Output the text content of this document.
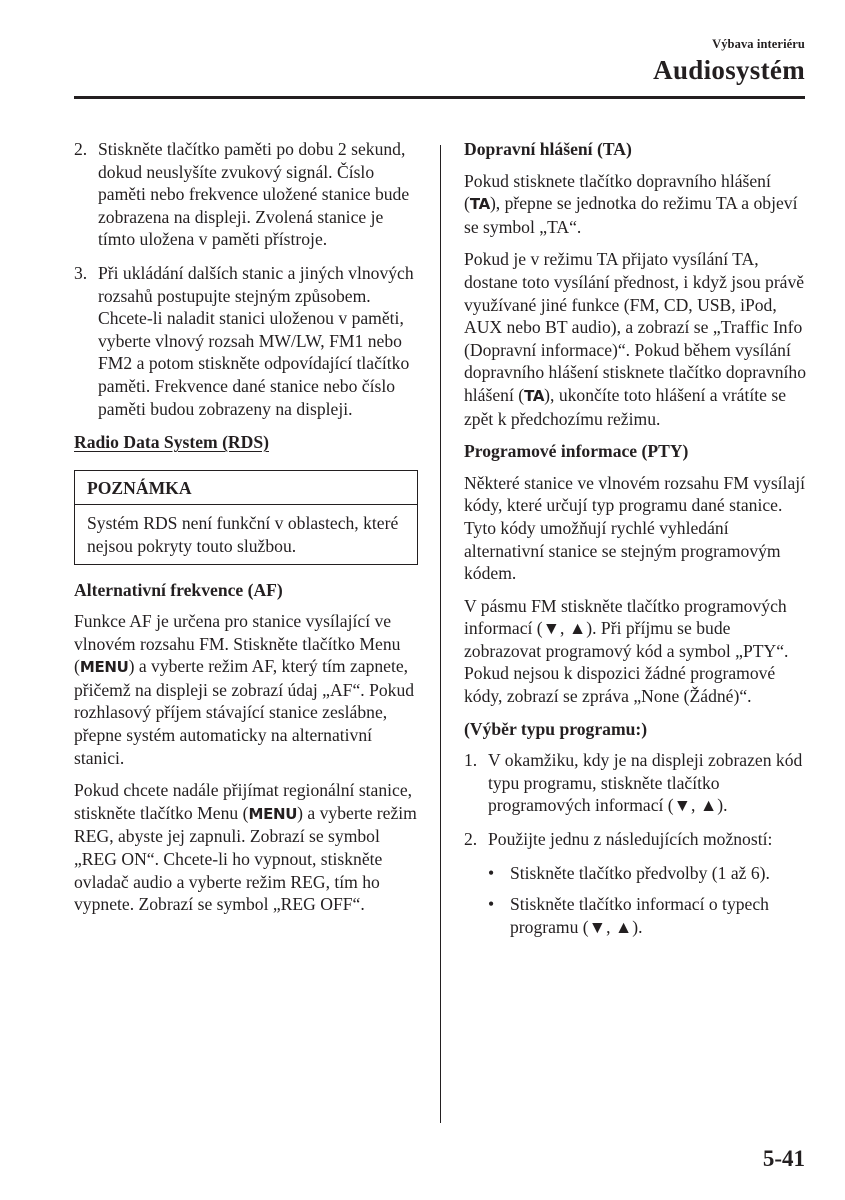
Výbava interiéru
Audiosystém
2. Stiskněte tlačítko paměti po dobu 2 sekund, dokud neuslyšíte zvukový signál. Číslo paměti nebo frekvence uložené stanice bude zobrazena na displeji. Zvolená stanice je tímto uložena v paměti přístroje.
3. Při ukládání dalších stanic a jiných vlnových rozsahů postupujte stejným způsobem. Chcete-li naladit stanici uloženou v paměti, vyberte vlnový rozsah MW/LW, FM1 nebo FM2 a potom stiskněte odpovídající tlačítko paměti. Frekvence dané stanice nebo číslo paměti budou zobrazeny na displeji.
Radio Data System (RDS)
POZNÁMKA
Systém RDS není funkční v oblastech, které nejsou pokryty touto službou.
Alternativní frekvence (AF)

Funkce AF je určena pro stanice vysílající ve vlnovém rozsahu FM. Stiskněte tlačítko Menu (MENU) a vyberte režim AF, který tím zapnete, přičemž na displeji se zobrazí údaj „AF“. Pokud rozhlasový příjem stávající stanice zeslábne, přepne systém automaticky na alternativní stanici.

Pokud chcete nadále přijímat regionální stanice, stiskněte tlačítko Menu (MENU) a vyberte režim REG, abyste jej zapnuli. Zobrazí se symbol „REG ON“. Chcete-li ho vypnout, stiskněte ovladač audio a vyberte režim REG, tím ho vypnete. Zobrazí se symbol „REG OFF“.

Dopravní hlášení (TA)

Pokud stisknete tlačítko dopravního hlášení (TA), přepne se jednotka do režimu TA a objeví se symbol „TA“.

Pokud je v režimu TA přijato vysílání TA, dostane toto vysílání přednost, i když jsou právě využívané jiné funkce (FM, CD, USB, iPod, AUX nebo BT audio), a zobrazí se „Traffic Info (Dopravní informace)“. Pokud během vysílání dopravního hlášení stisknete tlačítko dopravního hlášení (TA), ukončíte toto hlášení a vrátíte se zpět k předchozímu režimu.

Programové informace (PTY)

Některé stanice ve vlnovém rozsahu FM vysílají kódy, které určují typ programu dané stanice. Tyto kódy umožňují rychlé vyhledání alternativní stanice se stejným programovým kódem.

V pásmu FM stiskněte tlačítko programových informací (▼, ▲). Při příjmu se bude zobrazovat programový kód a symbol „PTY“. Pokud nejsou k dispozici žádné programové kódy, zobrazí se zpráva „None (Žádné)“.

(Výběr typu programu:)
1. V okamžiku, kdy je na displeji zobrazen kód typu programu, stiskněte tlačítko programových informací (▼, ▲).
2. Použijte jednu z následujících možností:
• Stiskněte tlačítko předvolby (1 až 6).
• Stiskněte tlačítko informací o typech programu (▼, ▲).
5-41
